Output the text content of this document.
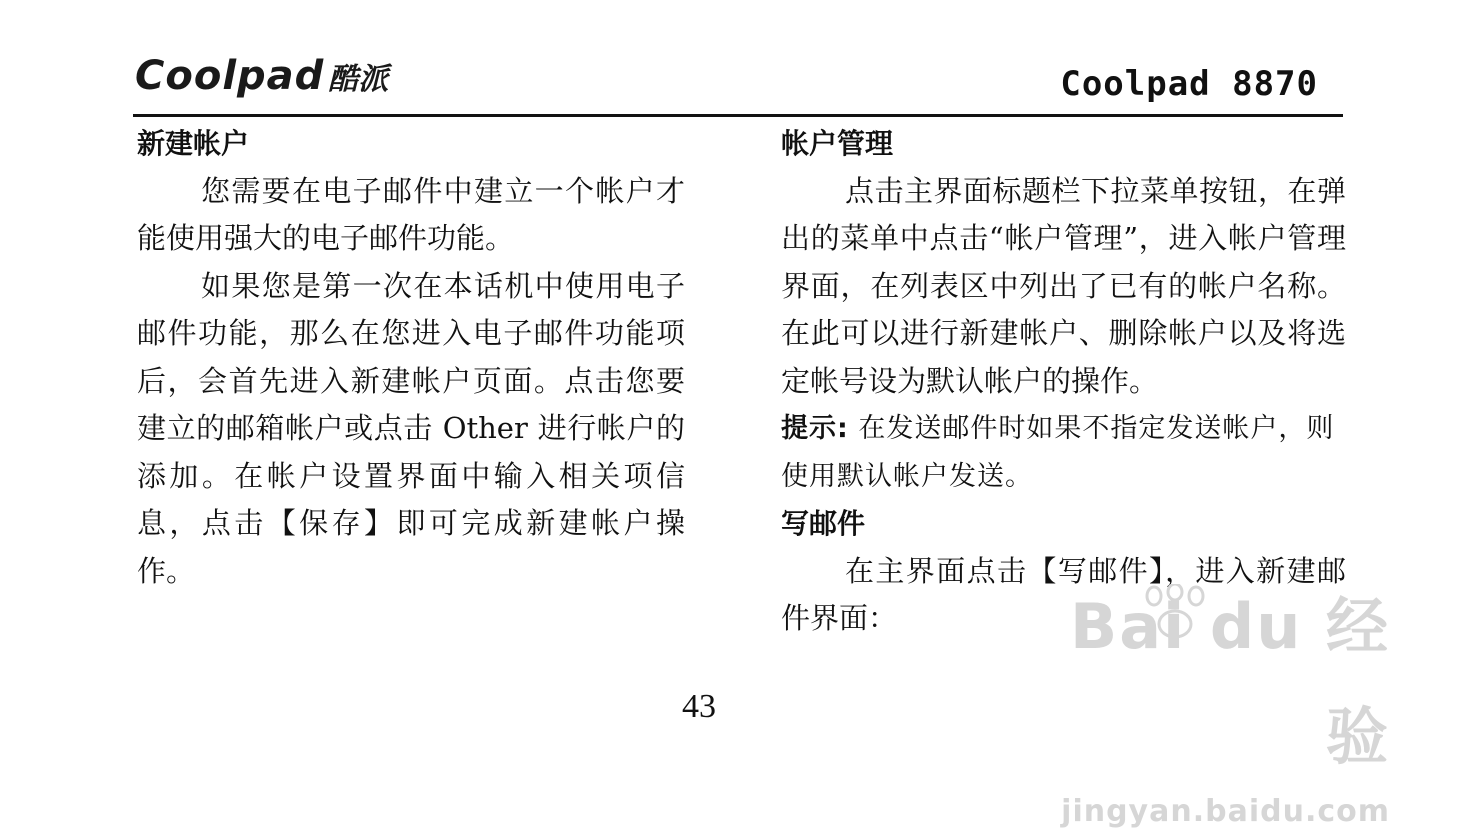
Coolpad 酷派	Coolpad 8870

新建帐户

您需要在电子邮件中建立一个帐户才能使用强大的电子邮件功能。

如果您是第一次在本话机中使用电子邮件功能，那么在您进入电子邮件功能项后，会首先进入新建帐户页面。点击您要建立的邮箱帐户或点击 Other 进行帐户的添加。在帐户设置界面中输入相关项信息，点击【保存】即可完成新建帐户操作。

帐户管理

点击主界面标题栏下拉菜单按钮，在弹出的菜单中点击“帐户管理”，进入帐户管理界面，在列表区中列出了已有的帐户名称。在此可以进行新建帐户、删除帐户以及将选定帐号设为默认帐户的操作。

提示: 在发送邮件时如果不指定发送帐户，则使用默认帐户发送。

写邮件

在主界面点击【写邮件】，进入新建邮件界面：

43
Bai du 经验
jingyan.baidu.com
